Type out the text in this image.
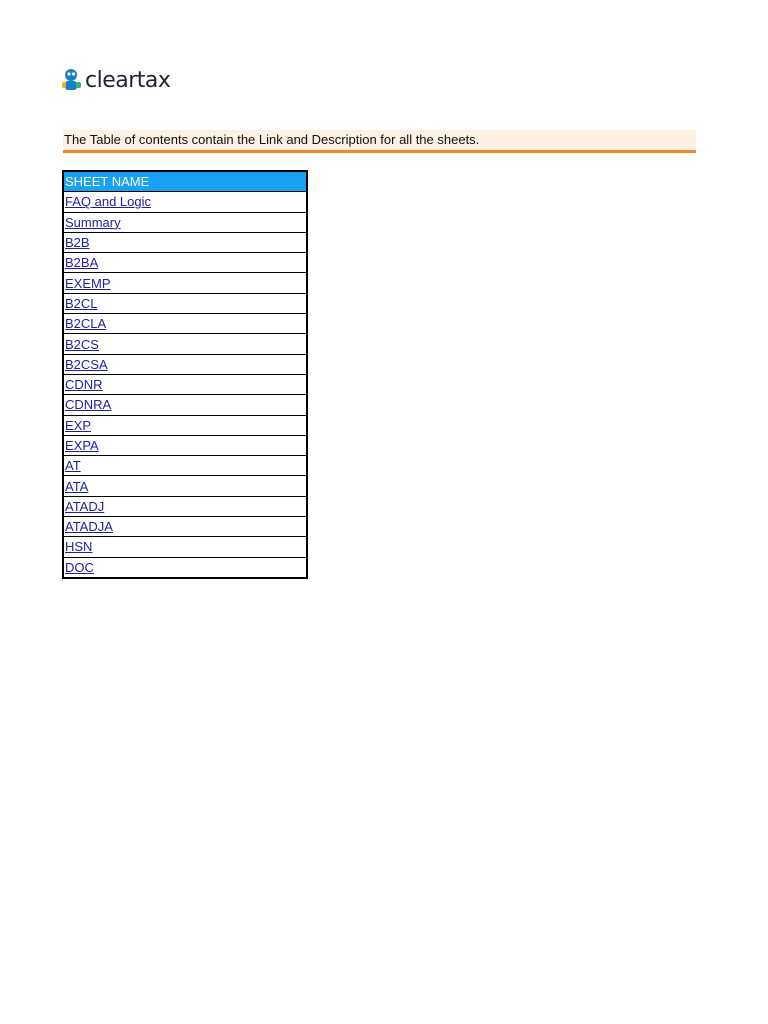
cleartax
The Table of contents contain the Link and Description for all the sheets.
SHEET NAME
FAQ and Logic
Summary
B2B
B2BA
EXEMP
B2CL
B2CLA
B2CS
B2CSA
CDNR
CDNRA
EXP
EXPA
AT
ATA
ATADJ
ATADJA
HSN
DOC
